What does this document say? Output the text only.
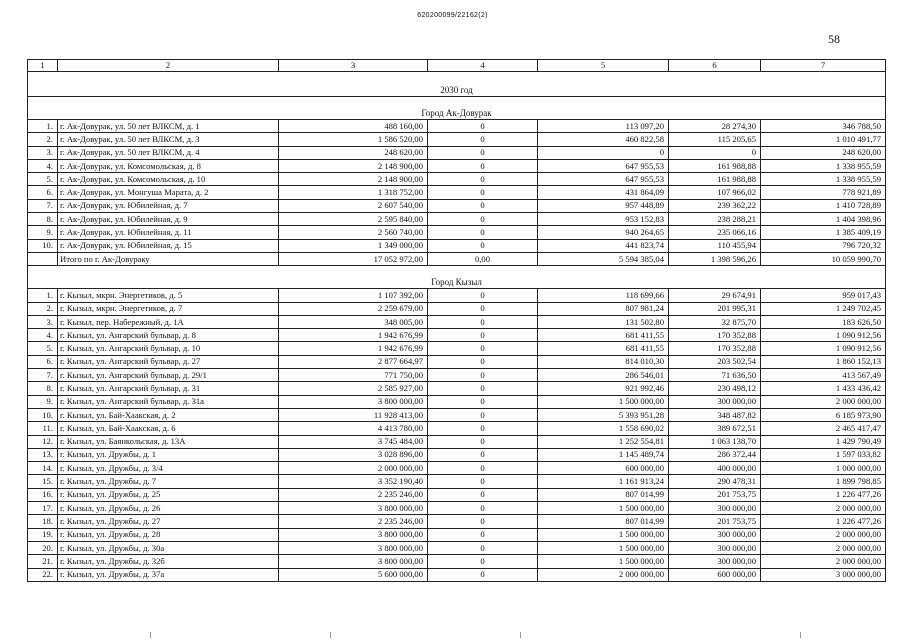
620200099/22162(2)
58
1	2	3	4	5	6	7
2030 год						
Город Ак-Довурак						
1.	г. Ак-Довурак, ул. 50 лет ВЛКСМ, д. 1	488 160,00	0	113 097,20	28 274,30	346 788,50
2.	г. Ак-Довурак, ул. 50 лет ВЛКСМ, д. 3	1 586 520,00	0	460 822,58	115 205,65	1 010 491,77
3.	г. Ак-Довурак, ул. 50 лет ВЛКСМ, д. 4	248 620,00	0	0	0	248 620,00
4.	г. Ак-Довурак, ул. Комсомольская, д. 8	2 148 900,00	0	647 955,53	161 988,88	1 338 955,59
5.	г. Ак-Довурак, ул. Комсомольская, д. 10	2 148 900,00	0	647 955,53	161 988,88	1 338 955,59
6.	г. Ак-Довурак, ул. Монгуша Марата, д. 2	1 318 752,00	0	431 864,09	107 966,02	778 921,89
7.	г. Ак-Довурак, ул. Юбилейная, д. 7	2 607 540,00	0	957 448,89	239 362,22	1 410 728,89
8.	г. Ак-Довурак, ул. Юбилейная, д. 9	2 595 840,00	0	953 152,83	238 288,21	1 404 398,96
9.	г. Ак-Довурак, ул. Юбилейная, д. 11	2 560 740,00	0	940 264,65	235 066,16	1 385 409,19
10.	г. Ак-Довурак, ул. Юбилейная, д. 15	1 349 000,00	0	441 823,74	110 455,94	796 720,32
	Итого по г. Ак-Довураку	17 052 972,00	0,00	5 594 385,04	1 398 596,26	10 059 990,70
Город Кызыл						
1.	г. Кызыл, мкрн. Энергетиков, д. 5	1 107 392,00	0	118 699,66	29 674,91	959 017,43
2.	г. Кызыл, мкрн. Энергетиков, д. 7	2 259 679,00	0	807 981,24	201 995,31	1 249 702,45
3.	г. Кызыл, пер. Набережный, д. 1А	348 005,00	0	131 502,80	32 875,70	183 626,50
4.	г. Кызыл, ул. Ангарский бульвар, д. 8	1 942 676,99	0	681 411,55	170 352,88	1 090 912,56
5.	г. Кызыл, ул. Ангарский бульвар, д. 10	1 942 676,99	0	681 411,55	170 352,88	1 090 912,56
6.	г. Кызыл, ул. Ангарский бульвар, д. 27	2 877 664,97	0	814 010,30	203 502,54	1 860 152,13
7.	г. Кызыл, ул. Ангарский бульвар, д. 29/1	771 750,00	0	286 546,01	71 636,50	413 567,49
8.	г. Кызыл, ул. Ангарский бульвар, д. 31	2 585 927,00	0	921 992,46	230 498,12	1 433 436,42
9.	г. Кызыл, ул. Ангарский бульвар, д. 31а	3 800 000,00	0	1 500 000,00	300 000,00	2 000 000,00
10.	г. Кызыл, ул. Бай-Хаакская, д. 2	11 928 413,00	0	5 393 951,28	348 487,82	6 185 973,90
11.	г. Кызыл, ул. Бай-Хаакская, д. 6	4 413 780,00	0	1 558 690,02	389 672,51	2 465 417,47
12.	г. Кызыл, ул. Баянкольская, д. 13А	3 745 484,00	0	1 252 554,81	1 063 138,70	1 429 790,49
13.	г. Кызыл, ул. Дружбы, д. 1	3 028 896,00	0	1 145 489,74	286 372,44	1 597 033,82
14.	г. Кызыл, ул. Дружбы, д. 3/4	2 000 000,00	0	600 000,00	400 000,00	1 000 000,00
15.	г. Кызыл, ул. Дружбы, д. 7	3 352 190,40	0	1 161 913,24	290 478,31	1 899 798,85
16.	г. Кызыл, ул. Дружбы, д. 25	2 235 246,00	0	807 014,99	201 753,75	1 226 477,26
17.	г. Кызыл, ул. Дружбы, д. 26	3 800 000,00	0	1 500 000,00	300 000,00	2 000 000,00
18.	г. Кызыл, ул. Дружбы, д. 27	2 235 246,00	0	807 014,99	201 753,75	1 226 477,26
19.	г. Кызыл, ул. Дружбы, д. 28	3 800 000,00	0	1 500 000,00	300 000,00	2 000 000,00
20.	г. Кызыл, ул. Дружбы, д. 30а	3 800 000,00	0	1 500 000,00	300 000,00	2 000 000,00
21.	г. Кызыл, ул. Дружбы, д. 32б	3 800 000,00	0	1 500 000,00	300 000,00	2 000 000,00
22.	г. Кызыл, ул. Дружбы, д. 37а	5 600 000,00	0	2 000 000,00	600 000,00	3 000 000,00
